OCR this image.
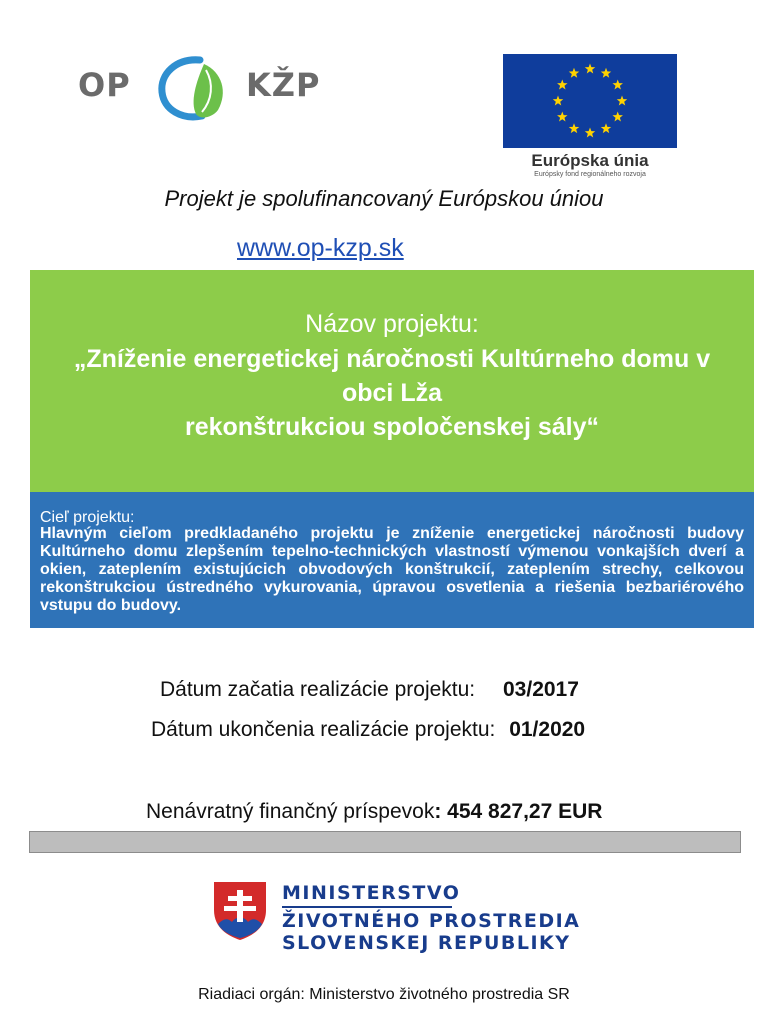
OP	KŽP
Európska únia
Európsky fond regionálneho rozvoja
Projekt je spolufinancovaný Európskou úniou
www.op-kzp.sk
Názov projektu:
„Zníženie energetickej náročnosti Kultúrneho domu v
obci Lža
rekonštrukciou spoločenskej sály“
Cieľ projektu:
Hlavným cieľom predkladaného projektu je zníženie energetickej náročnosti budovy Kultúrneho domu zlepšením tepelno-technických vlastností výmenou vonkajších dverí a okien, zateplením existujúcich obvodových konštrukcií, zateplením strechy, celkovou rekonštrukciou ústredného vykurovania, úpravou osvetlenia a riešenia bezbariérového vstupu do budovy.
Dátum začatia realizácie projektu: 03/2017
Dátum ukončenia realizácie projektu: 01/2020
Nenávratný finančný príspevok: 454 827,27 EUR
MINISTERSTVO
ŽIVOTNÉHO PROSTREDIA
SLOVENSKEJ REPUBLIKY
Riadiaci orgán: Ministerstvo životného prostredia SR
